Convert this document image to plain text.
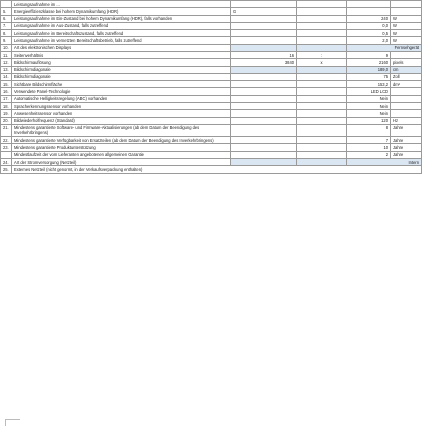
	Leistungsaufnahme im ...				
5.	Energieeffizienzklasse bei hohem Dynamikumfang (HDR)	G			
6.	Leistungsaufnahme im Ein-Zustand bei hohem Dynamikumfang (HDR), falls vorhanden			240	W
7.	Leistungsaufnahme im Aus-Zustand, falls zutreffend			0,0	W
8.	Leistungsaufnahme im Bereitschaftszustand, falls zutreffend			0,5	W
9.	Leistungsaufnahme im vernetzten Bereitschaftsbetrieb, falls zutreffend			2,0	W
10.	Art des elektronischen Displays			Fernsehgerät	
11.	Seitenverhältnis	16	:	9	
12.	Bildschirmauflösung	3840	x	2160	pixels
13.	Bildschirmdiagonale			189,0	cm
14.	Bildschirmdiagonale			75	Zoll
15.	Sichtbare Bildschirmfläche			153,2	dm²
16.	Verwendete Panel-Technologie			LED LCD	
17.	Automatische Helligkeitsregelung (ABC) vorhanden			Nein	
18.	Spracherkennungssensor vorhanden			Nein	
19.	Anwesenheitssensor vorhanden			Nein	
20.	Bildwiederholfrequenz (Standard)			120	Hz
21.	Mindestens garantierte Software- und Firmware-Aktualisierungen (ab dem Datum der Beendigung des Inverkehrbringens)			8	Jahre
22.	Mindestens garantierte Verfügbarkeit von Ersatzteilen (ab dem Datum der Beendigung des Inverkehrbringens)			7	Jahre
23.	Mindestens garantierte Produktunterstützung			10	Jahre
	Mindestlaufzeit der vom Lieferanten angebotenen allgemeinen Garantie			2	Jahre
24.	Art der Stromversorgung (Netzteil)			Intern	
25.	Externes Netzteil (nicht genormt, in der Verkaufsverpackung enthalten)				
